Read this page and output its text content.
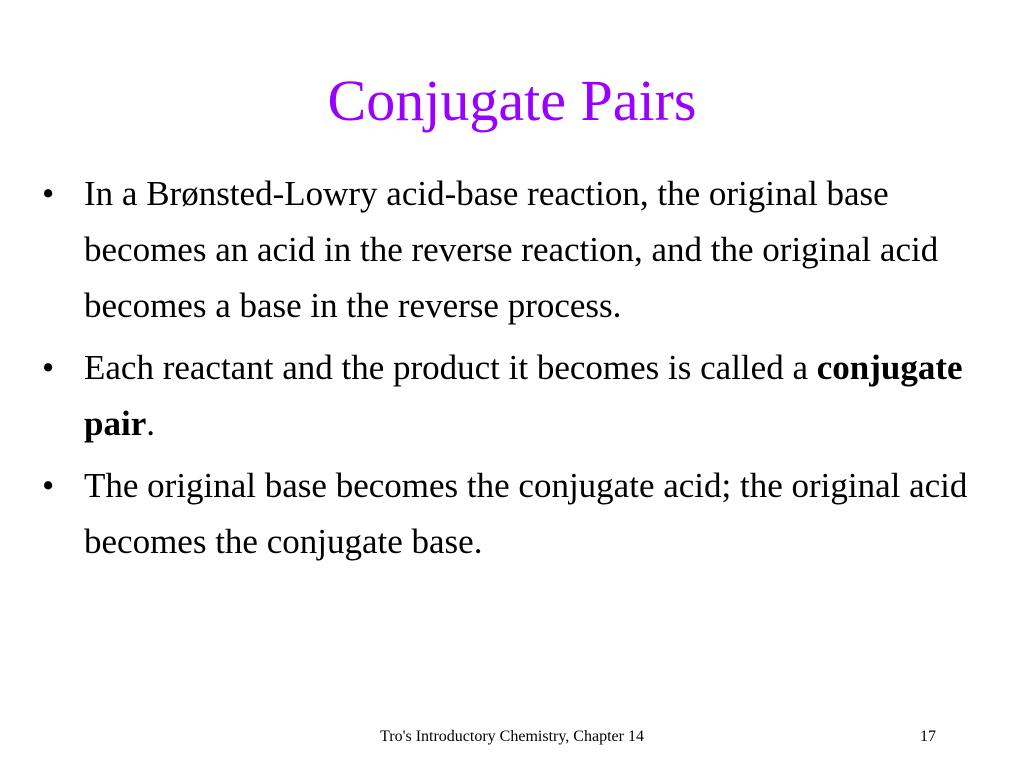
Conjugate Pairs
• In a Brønsted-Lowry acid-base reaction, the original base becomes an acid in the reverse reaction, and the original acid becomes a base in the reverse process.
• Each reactant and the product it becomes is called a conjugate pair.
• The original base becomes the conjugate acid; the original acid becomes the conjugate base.
Tro's Introductory Chemistry, Chapter 14	17
